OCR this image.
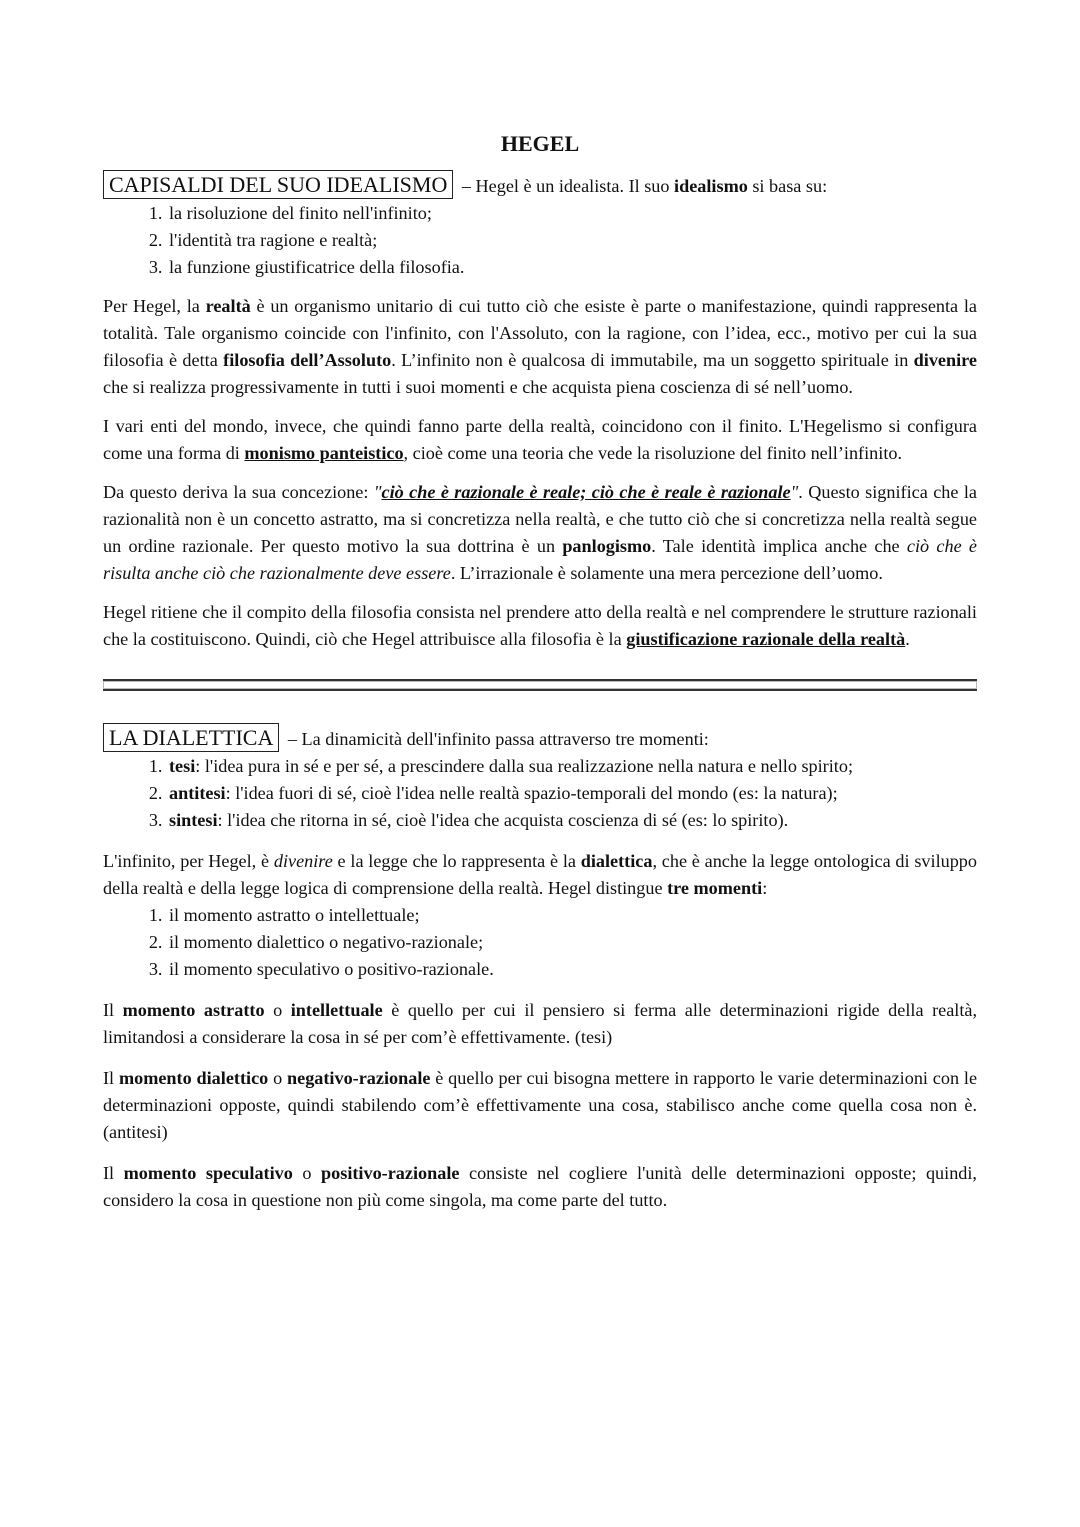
HEGEL
CAPISALDI DEL SUO IDEALISMO – Hegel è un idealista. Il suo idealismo si basa su:
1. la risoluzione del finito nell'infinito;
2. l'identità tra ragione e realtà;
3. la funzione giustificatrice della filosofia.

Per Hegel, la realtà è un organismo unitario di cui tutto ciò che esiste è parte o manifestazione, quindi rappresenta la totalità. Tale organismo coincide con l'infinito, con l'Assoluto, con la ragione, con l’idea, ecc., motivo per cui la sua filosofia è detta filosofia dell’Assoluto. L’infinito non è qualcosa di immutabile, ma un soggetto spirituale in divenire che si realizza progressivamente in tutti i suoi momenti e che acquista piena coscienza di sé nell’uomo.

I vari enti del mondo, invece, che quindi fanno parte della realtà, coincidono con il finito. L'Hegelismo si configura come una forma di monismo panteistico, cioè come una teoria che vede la risoluzione del finito nell’infinito.

Da questo deriva la sua concezione: "ciò che è razionale è reale; ciò che è reale è razionale". Questo significa che la razionalità non è un concetto astratto, ma si concretizza nella realtà, e che tutto ciò che si concretizza nella realtà segue un ordine razionale. Per questo motivo la sua dottrina è un panlogismo. Tale identità implica anche che ciò che è risulta anche ciò che razionalmente deve essere. L’irrazionale è solamente una mera percezione dell’uomo.

Hegel ritiene che il compito della filosofia consista nel prendere atto della realtà e nel comprendere le strutture razionali che la costituiscono. Quindi, ciò che Hegel attribuisce alla filosofia è la giustificazione razionale della realtà.

LA DIALETTICA – La dinamicità dell'infinito passa attraverso tre momenti:
1. tesi: l'idea pura in sé e per sé, a prescindere dalla sua realizzazione nella natura e nello spirito;
2. antitesi: l'idea fuori di sé, cioè l'idea nelle realtà spazio-temporali del mondo (es: la natura);
3. sintesi: l'idea che ritorna in sé, cioè l'idea che acquista coscienza di sé (es: lo spirito).

L'infinito, per Hegel, è divenire e la legge che lo rappresenta è la dialettica, che è anche la legge ontologica di sviluppo della realtà e della legge logica di comprensione della realtà. Hegel distingue tre momenti:

1. il momento astratto o intellettuale;
2. il momento dialettico o negativo-razionale;
3. il momento speculativo o positivo-razionale.

Il momento astratto o intellettuale è quello per cui il pensiero si ferma alle determinazioni rigide della realtà, limitandosi a considerare la cosa in sé per com’è effettivamente. (tesi)

Il momento dialettico o negativo-razionale è quello per cui bisogna mettere in rapporto le varie determinazioni con le determinazioni opposte, quindi stabilendo com’è effettivamente una cosa, stabilisco anche come quella cosa non è. (antitesi)

Il momento speculativo o positivo-razionale consiste nel cogliere l'unità delle determinazioni opposte; quindi, considero la cosa in questione non più come singola, ma come parte del tutto.
